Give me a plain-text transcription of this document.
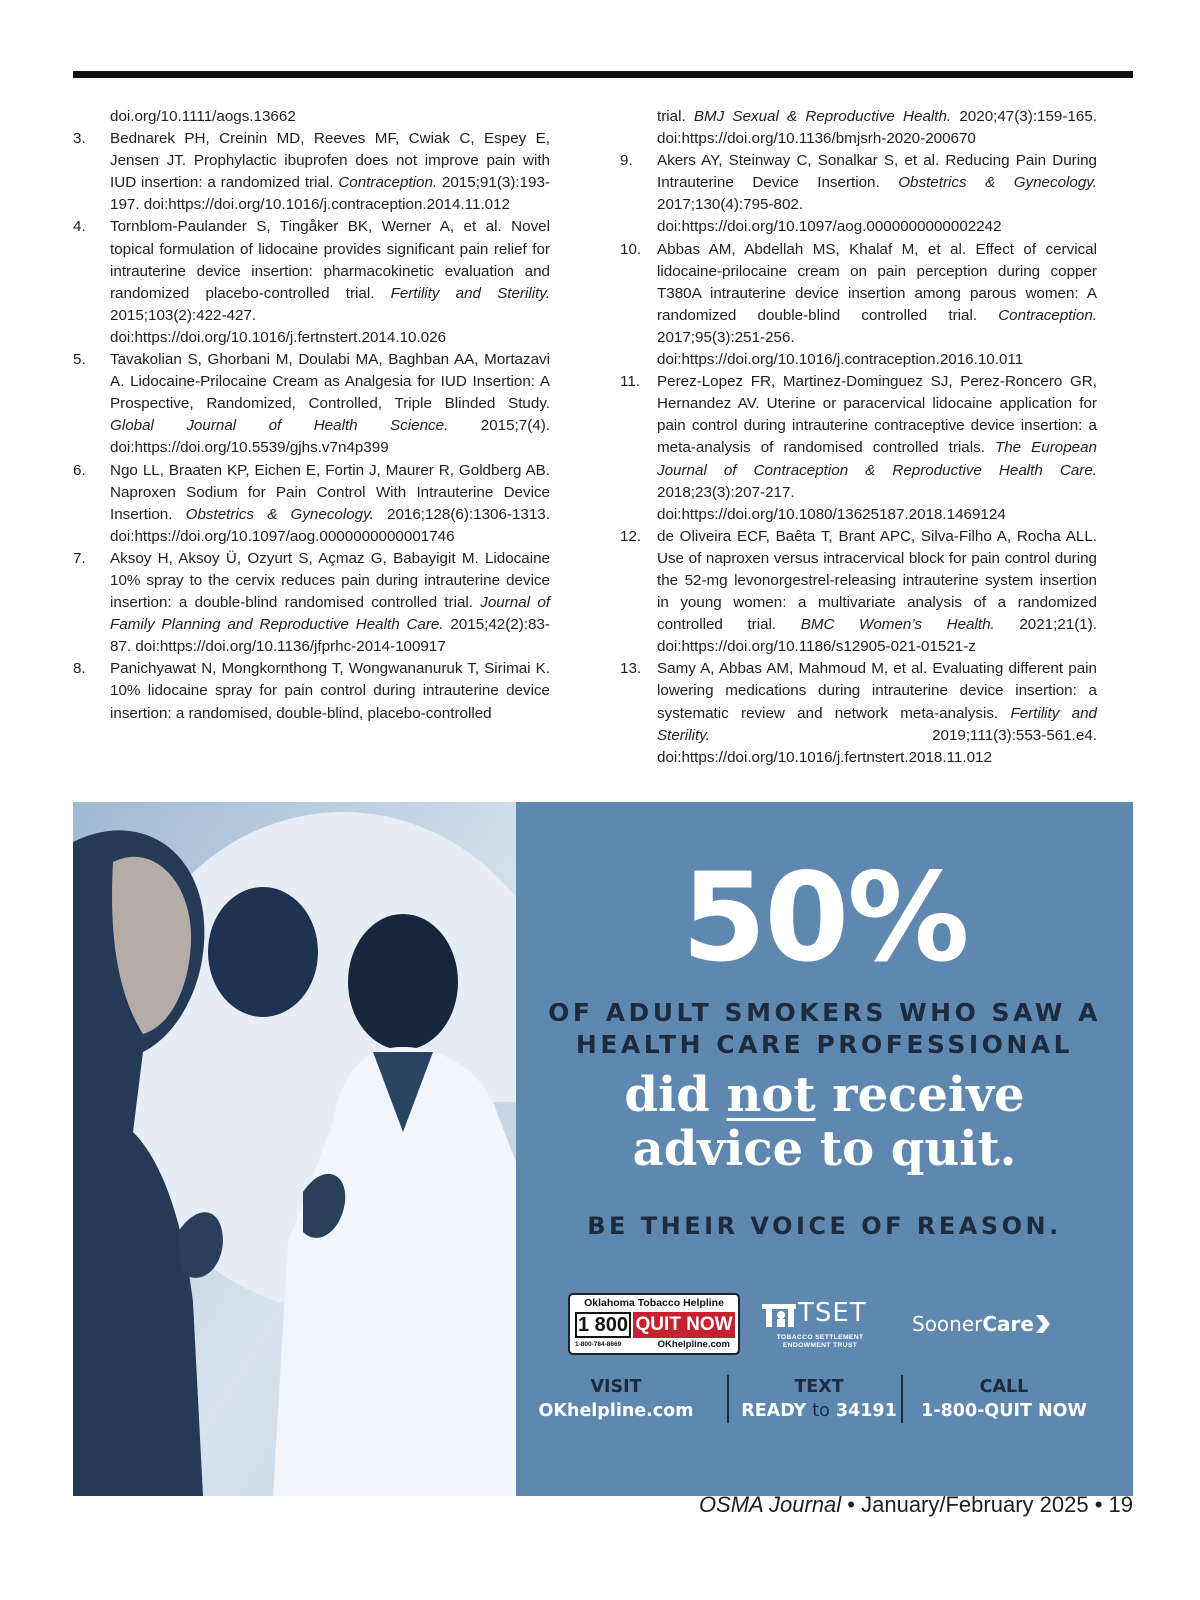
doi.org/10.1111/aogs.13662

3. Bednarek PH, Creinin MD, Reeves MF, Cwiak C, Espey E, Jensen JT. Prophylactic ibuprofen does not improve pain with IUD insertion: a randomized trial. Contraception. 2015;91(3):193-197. doi:https://doi.org/10.1016/j.contraception.2014.11.012

4. Tornblom-Paulander S, Tingåker BK, Werner A, et al. Novel topical formulation of lidocaine provides significant pain relief for intrauterine device insertion: pharmacokinetic evaluation and randomized placebo-controlled trial. Fertility and Sterility. 2015;103(2):422-427. doi:https://doi.org/10.1016/j.fertnstert.2014.10.026

5. Tavakolian S, Ghorbani M, Doulabi MA, Baghban AA, Mortazavi A. Lidocaine-Prilocaine Cream as Analgesia for IUD Insertion: A Prospective, Randomized, Controlled, Triple Blinded Study. Global Journal of Health Science. 2015;7(4). doi:https://doi.org/10.5539/gjhs.v7n4p399

6. Ngo LL, Braaten KP, Eichen E, Fortin J, Maurer R, Goldberg AB. Naproxen Sodium for Pain Control With Intrauterine Device Insertion. Obstetrics & Gynecology. 2016;128(6):1306-1313. doi:https://doi.org/10.1097/aog.0000000000001746

7. Aksoy H, Aksoy Ü, Ozyurt S, Açmaz G, Babayigit M. Lidocaine 10% spray to the cervix reduces pain during intrauterine device insertion: a double-blind randomised controlled trial. Journal of Family Planning and Reproductive Health Care. 2015;42(2):83-87. doi:https://doi.org/10.1136/jfprhc-2014-100917

8. Panichyawat N, Mongkornthong T, Wongwananuruk T, Sirimai K. 10% lidocaine spray for pain control during intrauterine device insertion: a randomised, double-blind, placebo-controlled

trial. BMJ Sexual & Reproductive Health. 2020;47(3):159-165. doi:https://doi.org/10.1136/bmjsrh-2020-200670

9. Akers AY, Steinway C, Sonalkar S, et al. Reducing Pain During Intrauterine Device Insertion. Obstetrics & Gynecology. 2017;130(4):795-802. doi:https://doi.org/10.1097/aog.0000000000002242

10. Abbas AM, Abdellah MS, Khalaf M, et al. Effect of cervical lidocaine-prilocaine cream on pain perception during copper T380A intrauterine device insertion among parous women: A randomized double-blind controlled trial. Contraception. 2017;95(3):251-256. doi:https://doi.org/10.1016/j.contraception.2016.10.011

11. Perez-Lopez FR, Martinez-Dominguez SJ, Perez-Roncero GR, Hernandez AV. Uterine or paracervical lidocaine application for pain control during intrauterine contraceptive device insertion: a meta-analysis of randomised controlled trials. The European Journal of Contraception & Reproductive Health Care. 2018;23(3):207-217. doi:https://doi.org/10.1080/13625187.2018.1469124

12. de Oliveira ECF, Baêta T, Brant APC, Silva-Filho A, Rocha ALL. Use of naproxen versus intracervical block for pain control during the 52-mg levonorgestrel-releasing intrauterine system insertion in young women: a multivariate analysis of a randomized controlled trial. BMC Women’s Health. 2021;21(1). doi:https://doi.org/10.1186/s12905-021-01521-z

13. Samy A, Abbas AM, Mahmoud M, et al. Evaluating different pain lowering medications during intrauterine device insertion: a systematic review and network meta-analysis. Fertility and Sterility. 2019;111(3):553-561.e4. doi:https://doi.org/10.1016/j.fertnstert.2018.11.012

50%
OF ADULT SMOKERS WHO SAW A
HEALTH CARE PROFESSIONAL
did not receive
advice to quit.
BE THEIR VOICE OF REASON.
Oklahoma Tobacco Helpline
1 800 QUIT NOW
1-800-784-8669	OKhelpline.com
TSET
TOBACCO SETTLEMENT
ENDOWMENT TRUST
SoonerCare
VISIT
OKhelpline.com
TEXT
READY to 34191
CALL
1-800-QUIT NOW
OSMA Journal • January/February 2025 • 19
